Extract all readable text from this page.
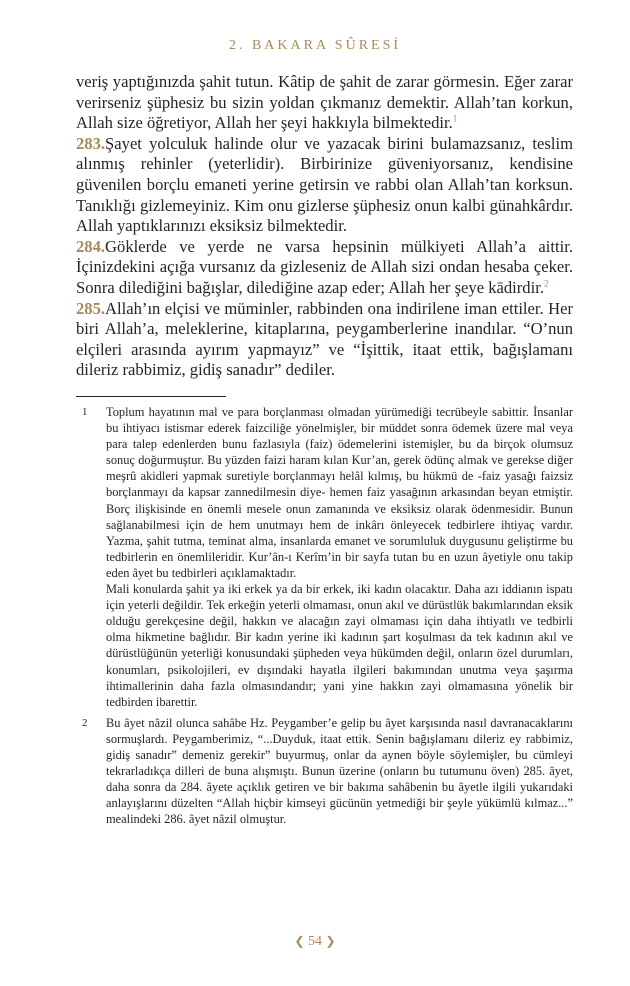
2. BAKARA SÛRESİ

veriş yaptığınızda şahit tutun. Kâtip de şahit de zarar görmesin. Eğer zarar verirseniz şüphesiz bu sizin yoldan çıkmanız demektir. Allah’tan korkun, Allah size öğretiyor, Allah her şeyi hakkıyla bilmektedir.$^1$

283.Şayet yolculuk halinde olur ve yazacak birini bulamazsanız, teslim alınmış rehinler (yeterlidir). Birbirinize güveniyorsanız, kendisine güvenilen borçlu emaneti yerine getirsin ve rabbi olan Allah’tan korksun. Tanıklığı gizlemeyiniz. Kim onu gizlerse şüphesiz onun kalbi günahkârdır. Allah yaptıklarınızı eksiksiz bilmektedir.

284.Göklerde ve yerde ne varsa hepsinin mülkiyeti Allah’a aittir. İçinizdekini açığa vursanız da gizleseniz de Allah sizi ondan hesaba çeker. Sonra dilediğini bağışlar, dilediğine azap eder; Allah her şeye kādirdir.$^2$

285.Allah’ın elçisi ve müminler, rabbinden ona indirilene iman ettiler. Her biri Allah’a, meleklerine, kitaplarına, peygamberlerine inandılar. “O’nun elçileri arasında ayırım yapmayız” ve “İşittik, itaat ettik, bağışlamanı dileriz rabbimiz, gidiş sanadır” dediler.

1	Toplum hayatının mal ve para borçlanması olmadan yürümediği tecrübeyle sabittir. İnsanlar bu ihtiyacı istismar ederek faizciliğe yönelmişler, bir müddet sonra ödemek üzere mal veya para talep edenlerden bunu fazlasıyla (faiz) ödemelerini istemişler, bu da birçok olumsuz sonuç doğurmuştur. Bu yüzden faizi haram kılan Kur’an, gerek ödünç almak ve gerekse diğer meşrû akidleri yapmak suretiyle borçlanmayı helâl kılmış, bu hükmü de -faiz yasağı faizsiz borçlanmayı da kapsar zannedilmesin diye- hemen faiz yasağının arkasından beyan etmiştir. Borç ilişkisinde en önemli mesele onun zamanında ve eksiksiz olarak ödenmesidir. Bunun sağlanabilmesi için de hem unutmayı hem de inkârı önleyecek tedbirlere ihtiyaç vardır. Yazma, şahit tutma, teminat alma, insanlarda emanet ve sorumluluk duygusunu geliştirme bu tedbirlerin en önemlileridir. Kur’ân-ı Kerîm’in bir sayfa tutan bu en uzun âyetiyle onu takip eden âyet bu tedbirleri açıklamaktadır.

Mali konularda şahit ya iki erkek ya da bir erkek, iki kadın olacaktır. Daha azı iddianın ispatı için yeterli değildir. Tek erkeğin yeterli olmaması, onun akıl ve dürüstlük bakımlarından eksik olduğu gerekçesine değil, hakkın ve alacağın zayi olmaması için daha ihtiyatlı ve tedbirli olma hikmetine bağlıdır. Bir kadın yerine iki kadının şart koşulması da tek kadının akıl ve dürüstlüğünün yeterliği konusundaki şüpheden veya hükümden değil, onların özel durumları, konumları, psikolojileri, ev dışındaki hayatla ilgileri bakımından unutma veya şaşırma ihtimallerinin daha fazla olmasındandır; yani yine hakkın zayi olmamasına yönelik bir tedbirden ibarettir.

2	Bu âyet nâzil olunca sahâbe Hz. Peygamber’e gelip bu âyet karşısında nasıl davranacaklarını sormuşlardı. Peygamberimiz, “...Duyduk, itaat ettik. Senin bağışlamanı dileriz ey rabbimiz, gidiş sanadır” demeniz gerekir” buyurmuş, onlar da aynen böyle söylemişler, bu cümleyi tekrarladıkça dilleri de buna alışmıştı. Bunun üzerine (onların bu tutumunu öven) 285. âyet, daha sonra da 284. âyete açıklık getiren ve bir bakıma sahâbenin bu âyetle ilgili yukarıdaki anlayışlarını düzelten “Allah hiçbir kimseyi gücünün yetmediği bir şeyle yükümlü kılmaz...” mealindeki 286. âyet nâzil olmuştur.

❮ 54 ❯
